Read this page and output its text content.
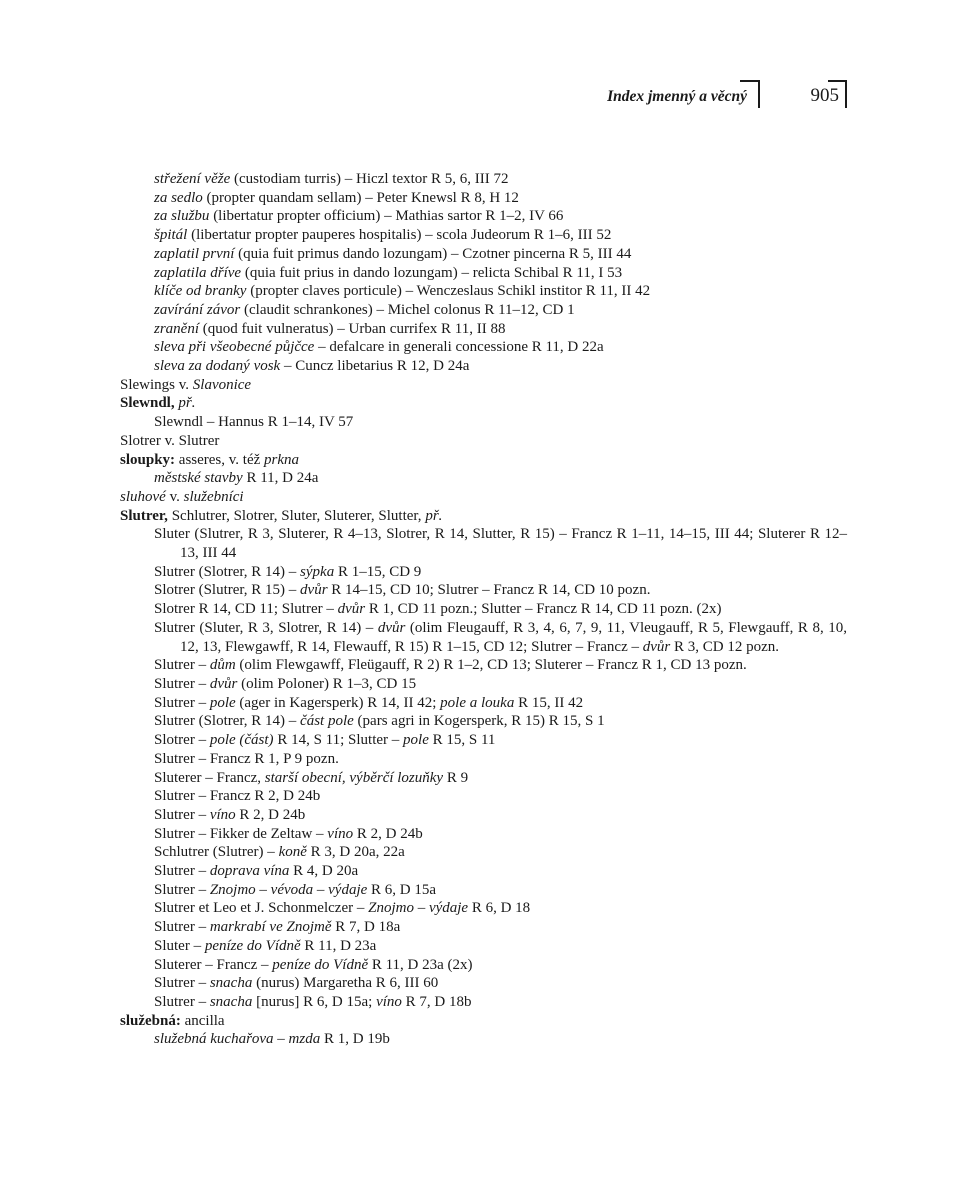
Index jmenný a věcný	905
střežení věže (custodiam turris) – Hiczl textor R 5, 6, III 72
za sedlo (propter quandam sellam) – Peter Knewsl R 8, H 12
za službu (libertatur propter officium) – Mathias sartor R 1–2, IV 66
špitál (libertatur propter pauperes hospitalis) – scola Judeorum R 1–6, III 52
zaplatil první (quia fuit primus dando lozungam) – Czotner pincerna R 5, III 44
zaplatila dříve (quia fuit prius in dando lozungam) – relicta Schibal R 11, I 53
klíče od branky (propter claves porticule) – Wenczeslaus Schikl institor R 11, II 42
zavírání závor (claudit schrankones) – Michel colonus R 11–12, CD 1
zranění (quod fuit vulneratus) – Urban currifex R 11, II 88
sleva při všeobecné půjčce – defalcare in generali concessione R 11, D 22a
sleva za dodaný vosk – Cuncz libetarius R 12, D 24a
Slewings v. Slavonice
Slewndl, př.
Slewndl – Hannus R 1–14, IV 57
Slotrer v. Slutrer
sloupky: asseres, v. též prkna
městské stavby R 11, D 24a
sluhové v. služebníci
Slutrer, Schlutrer, Slotrer, Sluter, Sluterer, Slutter, př.
Sluter (Slutrer, R 3, Sluterer, R 4–13, Slotrer, R 14, Slutter, R 15) – Francz R 1–11, 14–15, III 44; Sluterer R 12–13, III 44
Slutrer (Slotrer, R 14) – sýpka R 1–15, CD 9
Slotrer (Slutrer, R 15) – dvůr R 14–15, CD 10; Slutrer – Francz R 14, CD 10 pozn.
Slotrer R 14, CD 11; Slutrer – dvůr R 1, CD 11 pozn.; Slutter – Francz R 14, CD 11 pozn. (2x)
Slutrer (Sluter, R 3, Slotrer, R 14) – dvůr (olim Fleugauff, R 3, 4, 6, 7, 9, 11, Vleugauff, R 5, Flewgauff, R 8, 10, 12, 13, Flewgawff, R 14, Flewauff, R 15) R 1–15, CD 12; Slutrer – Francz – dvůr R 3, CD 12 pozn.
Slutrer – dům (olim Flewgawff, Fleügauff, R 2) R 1–2, CD 13; Sluterer – Francz R 1, CD 13 pozn.
Slutrer – dvůr (olim Poloner) R 1–3, CD 15
Slutrer – pole (ager in Kagersperk) R 14, II 42; pole a louka R 15, II 42
Slutrer (Slotrer, R 14) – část pole (pars agri in Kogersperk, R 15) R 15, S 1
Slotrer – pole (část) R 14, S 11; Slutter – pole R 15, S 11
Slutrer – Francz R 1, P 9 pozn.
Sluterer – Francz, starší obecní, výběrčí lozuňky R 9
Slutrer – Francz R 2, D 24b
Slutrer – víno R 2, D 24b
Slutrer – Fikker de Zeltaw – víno R 2, D 24b
Schlutrer (Slutrer) – koně R 3, D 20a, 22a
Slutrer – doprava vína R 4, D 20a
Slutrer – Znojmo – vévoda – výdaje R 6, D 15a
Slutrer et Leo et J. Schonmelczer – Znojmo – výdaje R 6, D 18
Slutrer – markrabí ve Znojmě R 7, D 18a
Sluter – peníze do Vídně R 11, D 23a
Sluterer – Francz – peníze do Vídně R 11, D 23a (2x)
Slutrer – snacha (nurus) Margaretha R 6, III 60
Slutrer – snacha [nurus] R 6, D 15a; víno R 7, D 18b
služebná: ancilla
služebná kuchařova – mzda R 1, D 19b
